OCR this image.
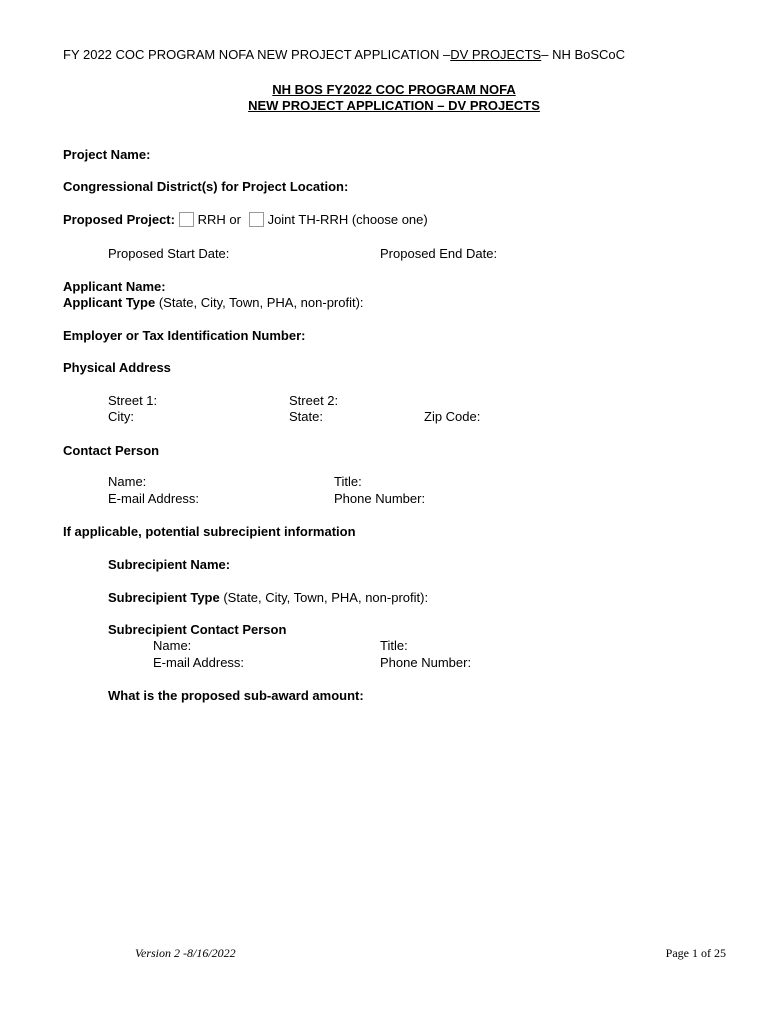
FY 2022 COC PROGRAM NOFA NEW PROJECT APPLICATION –DV PROJECTS– NH BoSCoC
NH BOS FY2022 COC PROGRAM NOFA
NEW PROJECT APPLICATION – DV PROJECTS
Project Name:
Congressional District(s) for Project Location:
Proposed Project: RRH or Joint TH-RRH (choose one)
Proposed Start Date:	Proposed End Date:
Applicant Name:
Applicant Type (State, City, Town, PHA, non-profit):
Employer or Tax Identification Number:
Physical Address
Street 1:	Street 2:
City:	State:	Zip Code:
Contact Person
Name:	Title:
E-mail Address:	Phone Number:
If applicable, potential subrecipient information
Subrecipient Name:
Subrecipient Type (State, City, Town, PHA, non-profit):
Subrecipient Contact Person
Name:	Title:
E-mail Address:	Phone Number:
What is the proposed sub-award amount:
Version 2 -8/16/2022	Page 1 of 25
